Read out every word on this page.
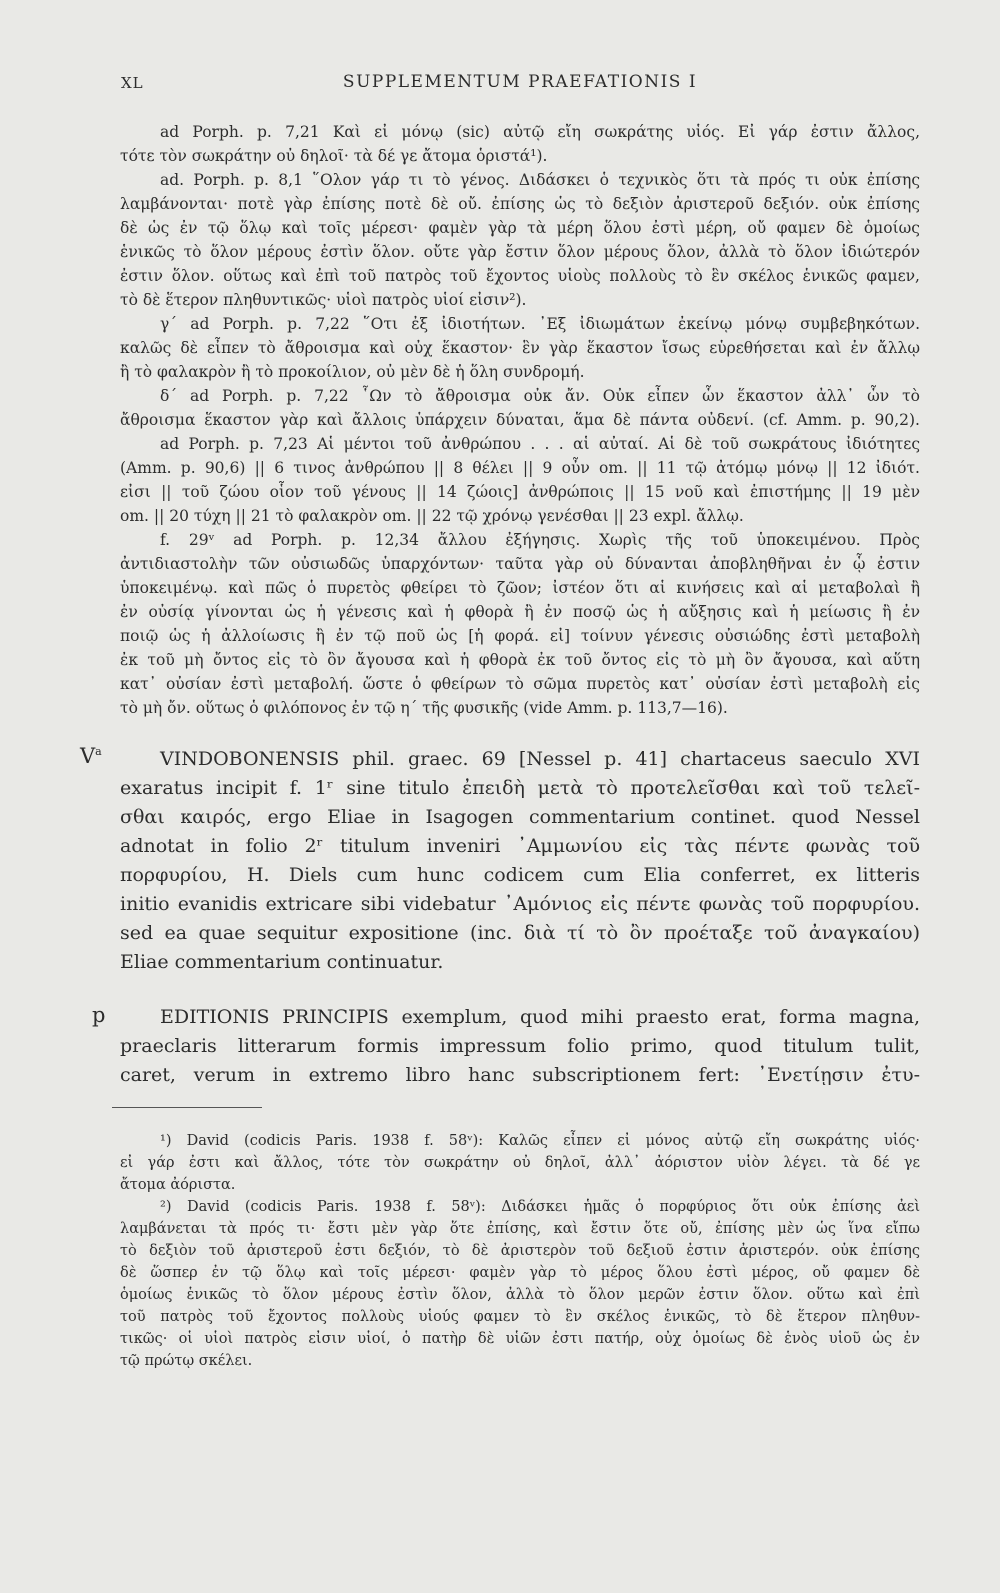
XL	SUPPLEMENTUM PRAEFATIONIS I
ad Porph. p. 7,21 Καὶ εἰ μόνῳ (sic) αὐτῷ εἴη σωκράτης υἱός. Εἰ γάρ ἐστιν ἄλλος,
τότε τὸν σωκράτην οὐ δηλοῖ· τὰ δέ γε ἄτομα ὁριστά¹).
ad. Porph. p. 8,1 ῞Ολον γάρ τι τὸ γένος. Διδάσκει ὁ τεχνικὸς ὅτι τὰ πρός τι οὐκ ἐπίσης
λαμβάνονται· ποτὲ γὰρ ἐπίσης ποτὲ δὲ οὔ. ἐπίσης ὡς τὸ δεξιὸν ἀριστεροῦ δεξιόν. οὐκ ἐπίσης
δὲ ὡς ἐν τῷ ὅλῳ καὶ τοῖς μέρεσι· φαμὲν γὰρ τὰ μέρη ὅλου ἐστὶ μέρη, οὔ φαμεν δὲ ὁμοίως
ἑνικῶς τὸ ὅλον μέρους ἐστὶν ὅλον. οὔτε γὰρ ἔστιν ὅλον μέρους ὅλον, ἀλλὰ τὸ ὅλον ἰδιώτερόν
ἐστιν ὅλον. οὕτως καὶ ἐπὶ τοῦ πατρὸς τοῦ ἔχοντος υἱοὺς πολλοὺς τὸ ἓν σκέλος ἑνικῶς φαμεν,
τὸ δὲ ἕτερον πληθυντικῶς· υἱοὶ πατρὸς υἱοί εἰσιν²).
γ΄ ad Porph. p. 7,22 ῞Οτι ἐξ ἰδιοτήτων. ᾿Εξ ἰδιωμάτων ἐκείνῳ μόνῳ συμβεβηκότων.
καλῶς δὲ εἶπεν τὸ ἄθροισμα καὶ οὐχ ἕκαστον· ἓν γὰρ ἕκαστον ἴσως εὑρεθήσεται καὶ ἐν ἄλλῳ
ἢ τὸ φαλακρὸν ἢ τὸ προκοίλιον, οὐ μὲν δὲ ἡ ὅλη συνδρομή.
δ΄ ad Porph. p. 7,22 ῟Ων τὸ ἄθροισμα οὐκ ἄν. Οὐκ εἶπεν ὧν ἕκαστον ἀλλ᾿ ὧν τὸ
ἄθροισμα ἕκαστον γὰρ καὶ ἄλλοις ὑπάρχειν δύναται, ἅμα δὲ πάντα οὐδενί. (cf. Amm. p. 90,2).
ad Porph. p. 7,23 Αἱ μέντοι τοῦ ἀνθρώπου . . . αἱ αὐταί. Αἱ δὲ τοῦ σωκράτους ἰδιότητες
(Amm. p. 90,6) || 6 τινος ἀνθρώπου || 8 θέλει || 9 οὖν om. || 11 τῷ ἀτόμῳ μόνῳ || 12 ἰδιότ.
εἰσι || τοῦ ζώου οἷον τοῦ γένους || 14 ζώοις] ἀνθρώποις || 15 νοῦ καὶ ἐπιστήμης || 19 μὲν
om. || 20 τύχη || 21 τὸ φαλακρὸν om. || 22 τῷ χρόνῳ γενέσθαι || 23 expl. ἄλλῳ.
f. 29ᵛ ad Porph. p. 12,34 ἄλλου ἐξήγησις. Χωρὶς τῆς τοῦ ὑποκειμένου. Πρὸς
ἀντιδιαστολὴν τῶν οὐσιωδῶς ὑπαρχόντων· ταῦτα γὰρ οὐ δύνανται ἀποβληθῆναι ἐν ᾧ ἐστιν
ὑποκειμένῳ. καὶ πῶς ὁ πυρετὸς φθείρει τὸ ζῶον; ἰστέον ὅτι αἱ κινήσεις καὶ αἱ μεταβολαὶ ἢ
ἐν οὐσίᾳ γίνονται ὡς ἡ γένεσις καὶ ἡ φθορὰ ἢ ἐν ποσῷ ὡς ἡ αὔξησις καὶ ἡ μείωσις ἢ ἐν
ποιῷ ὡς ἡ ἀλλοίωσις ἢ ἐν τῷ ποῦ ὡς [ἡ φορά. εἰ] τοίνυν γένεσις οὐσιώδης ἐστὶ μεταβολὴ
ἐκ τοῦ μὴ ὄντος εἰς τὸ ὂν ἄγουσα καὶ ἡ φθορὰ ἐκ τοῦ ὄντος εἰς τὸ μὴ ὂν ἄγουσα, καὶ αὕτη
κατ᾿ οὐσίαν ἐστὶ μεταβολή. ὥστε ὁ φθείρων τὸ σῶμα πυρετὸς κατ᾿ οὐσίαν ἐστὶ μεταβολὴ εἰς
τὸ μὴ ὄν. οὕτως ὁ φιλόπονος ἐν τῷ η΄ τῆς φυσικῆς (vide Amm. p. 113,7—16).
$V^a$	VINDOBONENSIS phil. graec. 69 [Nessel p. 41] chartaceus saeculo XVI
exaratus incipit f. 1ʳ sine titulo ἐπειδὴ μετὰ τὸ προτελεῖσθαι καὶ τοῦ τελεῖ-
σθαι καιρός, ergo Eliae in Isagogen commentarium continet. quod Nessel
adnotat in folio 2ʳ titulum inveniri ᾿Αμμωνίου εἰς τὰς πέντε φωνὰς τοῦ
πορφυρίου, H. Diels cum hunc codicem cum Elia conferret, ex litteris
initio evanidis extricare sibi videbatur ᾿Αμόνιος εἰς πέντε φωνὰς τοῦ πορφυρίου.
sed ea quae sequitur expositione (inc. διὰ τί τὸ ὂν προέταξε τοῦ ἀναγκαίου)
Eliae commentarium continuatur.
p	EDITIONIS PRINCIPIS exemplum, quod mihi praesto erat, forma magna,
praeclaris litterarum formis impressum folio primo, quod titulum tulit,
caret, verum in extremo libro hanc subscriptionem fert: ᾿Ενετίῃσιν ἐτυ-
¹) David (codicis Paris. 1938 f. 58ᵛ): Καλῶς εἶπεν εἰ μόνος αὐτῷ εἴη σωκράτης υἱός·
εἰ γάρ ἐστι καὶ ἄλλος, τότε τὸν σωκράτην οὐ δηλοῖ, ἀλλ᾿ ἀόριστον υἱὸν λέγει. τὰ δέ γε
ἄτομα ἀόριστα.
²) David (codicis Paris. 1938 f. 58ᵛ): Διδάσκει ἡμᾶς ὁ πορφύριος ὅτι οὐκ ἐπίσης ἀεὶ
λαμβάνεται τὰ πρός τι· ἔστι μὲν γὰρ ὅτε ἐπίσης, καὶ ἔστιν ὅτε οὔ, ἐπίσης μὲν ὡς ἵνα εἴπω
τὸ δεξιὸν τοῦ ἀριστεροῦ ἐστι δεξιόν, τὸ δὲ ἀριστερὸν τοῦ δεξιοῦ ἐστιν ἀριστερόν. οὐκ ἐπίσης
δὲ ὥσπερ ἐν τῷ ὅλῳ καὶ τοῖς μέρεσι· φαμὲν γὰρ τὸ μέρος ὅλου ἐστὶ μέρος, οὔ φαμεν δὲ
ὁμοίως ἑνικῶς τὸ ὅλον μέρους ἐστὶν ὅλον, ἀλλὰ τὸ ὅλον μερῶν ἐστιν ὅλον. οὕτω καὶ ἐπὶ
τοῦ πατρὸς τοῦ ἔχοντος πολλοὺς υἱούς φαμεν τὸ ἓν σκέλος ἑνικῶς, τὸ δὲ ἕτερον πληθυν-
τικῶς· οἱ υἱοὶ πατρὸς εἰσιν υἱοί, ὁ πατὴρ δὲ υἱῶν ἐστι πατήρ, οὐχ ὁμοίως δὲ ἑνὸς υἱοῦ ὡς ἐν
τῷ πρώτῳ σκέλει.
